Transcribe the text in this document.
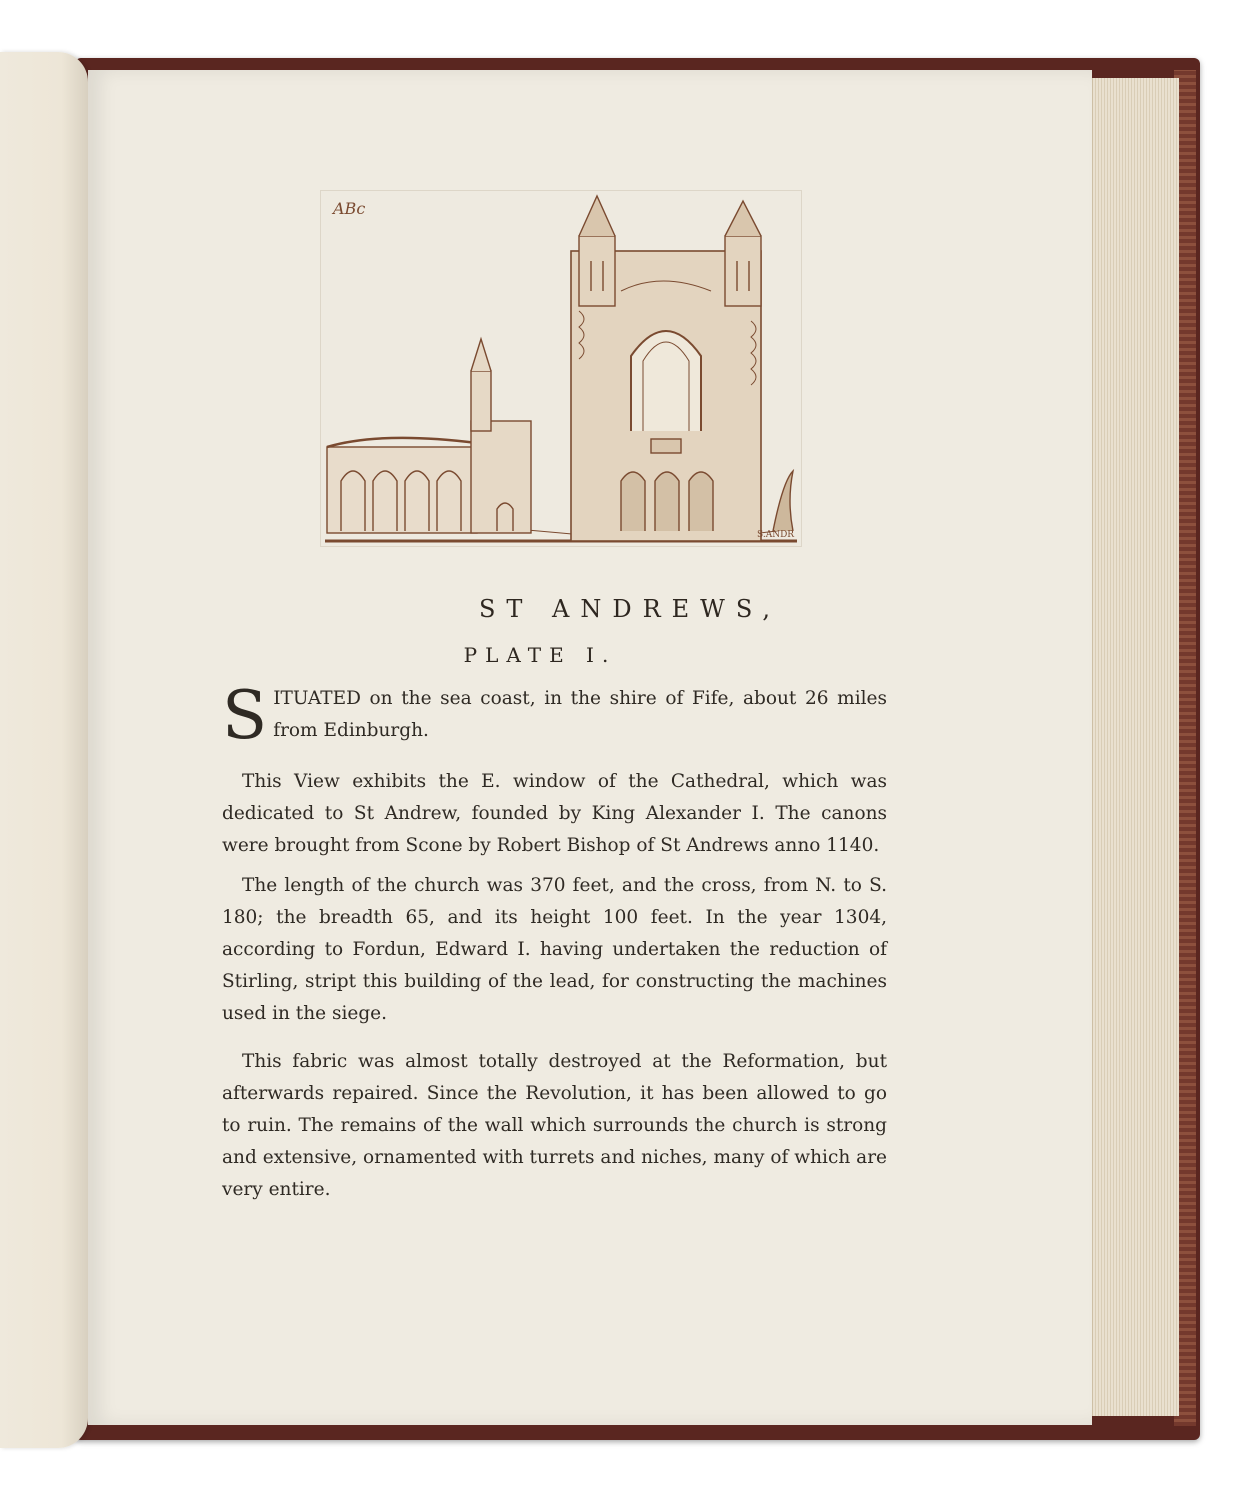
ABc
S.ANDR
ST ANDREWS,
PLATE I.
S ITUATED on the sea coast, in the shire of Fife, about 26 miles from Edinburgh.
This View exhibits the E. window of the Cathedral, which was dedicated to St Andrew, founded by King Alexander I. The canons were brought from Scone by Robert Bishop of St Andrews anno 1140.
The length of the church was 370 feet, and the cross, from N. to S. 180; the breadth 65, and its height 100 feet. In the year 1304, according to Fordun, Edward I. having undertaken the reduction of Stirling, stript this building of the lead, for constructing the machines used in the siege.
This fabric was almost totally destroyed at the Reformation, but afterwards repaired. Since the Revolution, it has been allowed to go to ruin. The remains of the wall which surrounds the church is strong and extensive, ornamented with turrets and niches, many of which are very entire.
